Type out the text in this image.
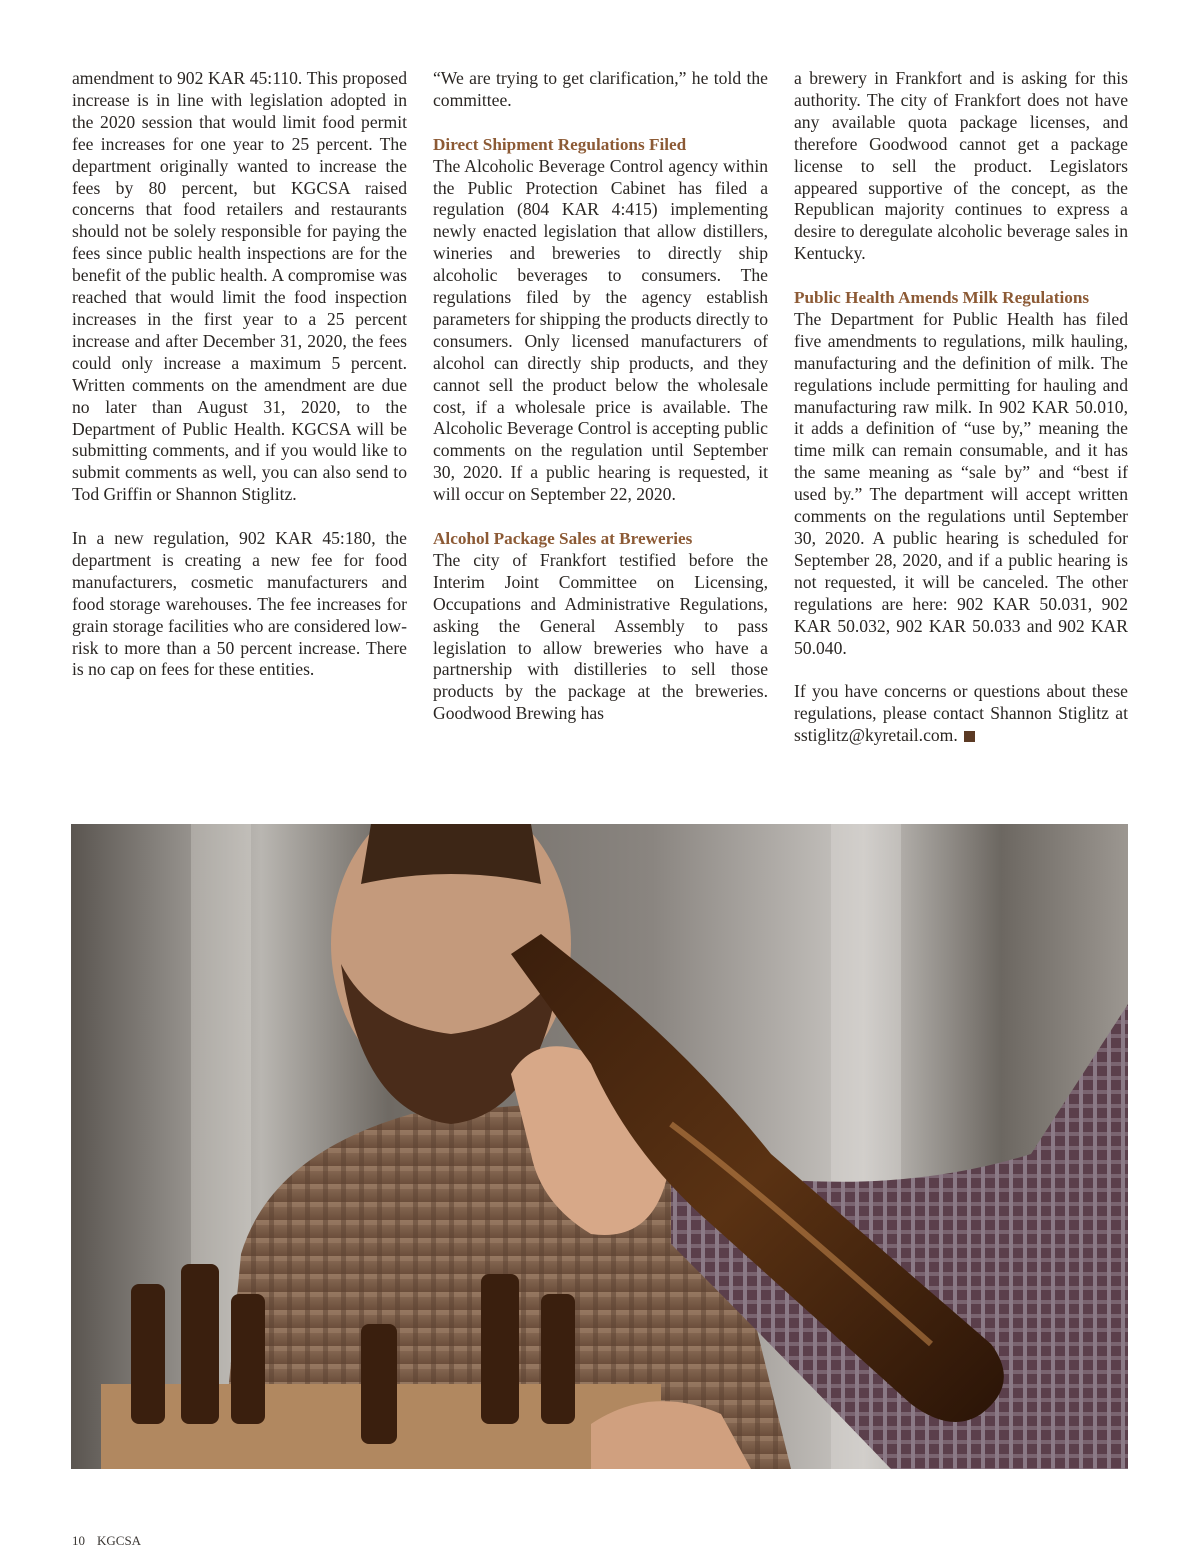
amendment to 902 KAR 45:110. This proposed increase is in line with legislation adopted in the 2020 session that would limit food permit fee increases for one year to 25 percent. The department originally wanted to increase the fees by 80 percent, but KGCSA raised concerns that food retailers and restaurants should not be solely responsible for paying the fees since public health inspections are for the benefit of the public health. A compromise was reached that would limit the food inspection increases in the first year to a 25 percent increase and after December 31, 2020, the fees could only increase a maximum 5 percent. Written comments on the amendment are due no later than August 31, 2020, to the Department of Public Health. KGCSA will be submitting comments, and if you would like to submit comments as well, you can also send to Tod Griffin or Shannon Stiglitz.

In a new regulation, 902 KAR 45:180, the department is creating a new fee for food manufacturers, cosmetic manufacturers and food storage warehouses. The fee increases for grain storage facilities who are considered low-risk to more than a 50 percent increase. There is no cap on fees for these entities.

“We are trying to get clarification,” he told the committee.

Direct Shipment Regulations Filed

The Alcoholic Beverage Control agency within the Public Protection Cabinet has filed a regulation (804 KAR 4:415) implementing newly enacted legislation that allow distillers, wineries and breweries to directly ship alcoholic beverages to consumers. The regulations filed by the agency establish parameters for shipping the products directly to consumers. Only licensed manufacturers of alcohol can directly ship products, and they cannot sell the product below the wholesale cost, if a wholesale price is available. The Alcoholic Beverage Control is accepting public comments on the regulation until September 30, 2020. If a public hearing is requested, it will occur on September 22, 2020.

Alcohol Package Sales at Breweries

The city of Frankfort testified before the Interim Joint Committee on Licensing, Occupations and Administrative Regulations, asking the General Assembly to pass legislation to allow breweries who have a partnership with distilleries to sell those products by the package at the breweries. Goodwood Brewing has

a brewery in Frankfort and is asking for this authority. The city of Frankfort does not have any available quota package licenses, and therefore Goodwood cannot get a package license to sell the product. Legislators appeared supportive of the concept, as the Republican majority continues to express a desire to deregulate alcoholic beverage sales in Kentucky.

Public Health Amends Milk Regulations

The Department for Public Health has filed five amendments to regulations, milk hauling, manufacturing and the definition of milk. The regulations include permitting for hauling and manufacturing raw milk. In 902 KAR 50.010, it adds a definition of “use by,” meaning the time milk can remain consumable, and it has the same meaning as “sale by” and “best if used by.” The department will accept written comments on the regulations until September 30, 2020. A public hearing is scheduled for September 28, 2020, and if a public hearing is not requested, it will be canceled. The other regulations are here: 902 KAR 50.031, 902 KAR 50.032, 902 KAR 50.033 and 902 KAR 50.040.

If you have concerns or questions about these regulations, please contact Shannon Stiglitz at sstiglitz@kyretail.com.

10 KGCSA
